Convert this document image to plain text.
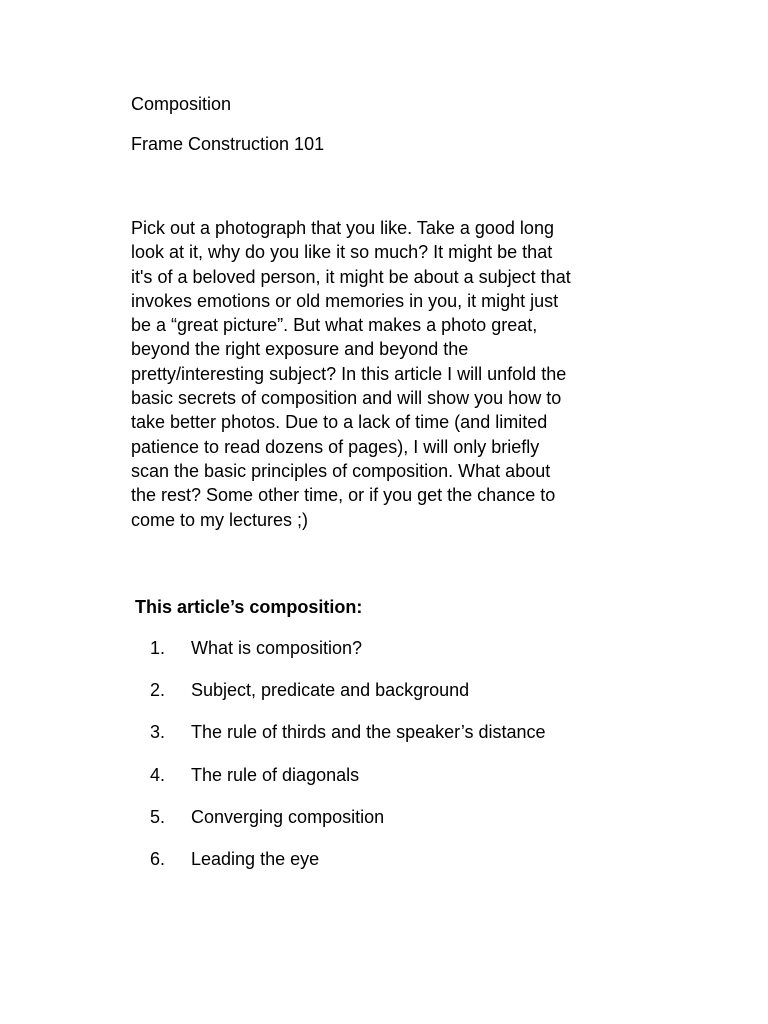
Composition
Frame Construction 101

Pick out a photograph that you like. Take a good long
look at it, why do you like it so much? It might be that
it's of a beloved person, it might be about a subject that
invokes emotions or old memories in you, it might just
be a “great picture”. But what makes a photo great,
beyond the right exposure and beyond the
pretty/interesting subject? In this article I will unfold the
basic secrets of composition and will show you how to
take better photos. Due to a lack of time (and limited
patience to read dozens of pages), I will only briefly
scan the basic principles of composition. What about
the rest? Some other time, or if you get the chance to
come to my lectures ;)

This article’s composition:
1.	What is composition?
2.	Subject, predicate and background
3.	The rule of thirds and the speaker’s distance
4.	The rule of diagonals
5.	Converging composition
6.	Leading the eye
